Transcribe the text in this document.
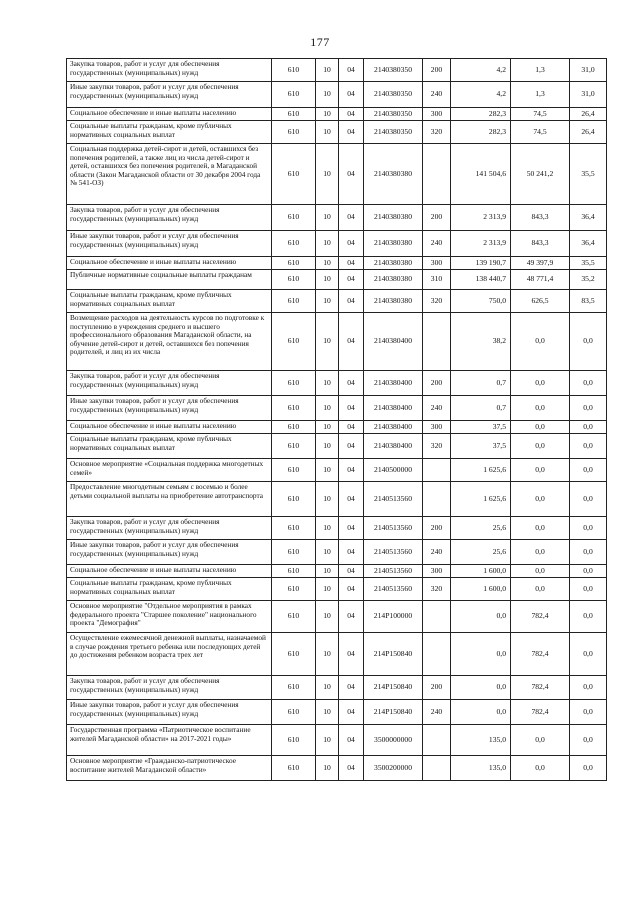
177
Закупка товаров, работ и услуг для обеспечения государственных (муниципальных) нужд	610	10	04	2140380350	200	4,2	1,3	31,0
Иные закупки товаров, работ и услуг для обеспечения государственных (муниципальных) нужд	610	10	04	2140380350	240	4,2	1,3	31,0
Социальное обеспечение и иные выплаты населению	610	10	04	2140380350	300	282,3	74,5	26,4
Социальные выплаты гражданам, кроме публичных нормативных социальных выплат	610	10	04	2140380350	320	282,3	74,5	26,4
Социальная поддержка детей-сирот и детей, оставшихся без попечения родителей, а также лиц из числа детей-сирот и детей, оставшихся без попечения родителей, в Магаданской области (Закон Магаданской области от 30 декабря 2004 года № 541-ОЗ)	610	10	04	2140380380		141 504,6	50 241,2	35,5
Закупка товаров, работ и услуг для обеспечения государственных (муниципальных) нужд	610	10	04	2140380380	200	2 313,9	843,3	36,4
Иные закупки товаров, работ и услуг для обеспечения государственных (муниципальных) нужд	610	10	04	2140380380	240	2 313,9	843,3	36,4
Социальное обеспечение и иные выплаты населению	610	10	04	2140380380	300	139 190,7	49 397,9	35,5
Публичные нормативные социальные выплаты гражданам	610	10	04	2140380380	310	138 440,7	48 771,4	35,2
Социальные выплаты гражданам, кроме публичных нормативных социальных выплат	610	10	04	2140380380	320	750,0	626,5	83,5
Возмещение расходов на деятельность курсов по подготовке к поступлению в учреждения среднего и высшего профессионального образования Магаданской области, на обучение детей-сирот и детей, оставшихся без попечения родителей, и лиц из их числа	610	10	04	2140380400		38,2	0,0	0,0
Закупка товаров, работ и услуг для обеспечения государственных (муниципальных) нужд	610	10	04	2140380400	200	0,7	0,0	0,0
Иные закупки товаров, работ и услуг для обеспечения государственных (муниципальных) нужд	610	10	04	2140380400	240	0,7	0,0	0,0
Социальное обеспечение и иные выплаты населению	610	10	04	2140380400	300	37,5	0,0	0,0
Социальные выплаты гражданам, кроме публичных нормативных социальных выплат	610	10	04	2140380400	320	37,5	0,0	0,0
Основное мероприятие «Социальная поддержка многодетных семей»	610	10	04	2140500000		1 625,6	0,0	0,0
Предоставление многодетным семьям с восемью и более детьми социальной выплаты на приобретение автотранспорта	610	10	04	2140513560		1 625,6	0,0	0,0
Закупка товаров, работ и услуг для обеспечения государственных (муниципальных) нужд	610	10	04	2140513560	200	25,6	0,0	0,0
Иные закупки товаров, работ и услуг для обеспечения государственных (муниципальных) нужд	610	10	04	2140513560	240	25,6	0,0	0,0
Социальное обеспечение и иные выплаты населению	610	10	04	2140513560	300	1 600,0	0,0	0,0
Социальные выплаты гражданам, кроме публичных нормативных социальных выплат	610	10	04	2140513560	320	1 600,0	0,0	0,0
Основное мероприятие "Отдельное мероприятия в рамках федерального проекта "Старшее поколение" национального проекта "Демография"	610	10	04	214P100000		0,0	782,4	0,0
Осуществление ежемесячной денежной выплаты, назначаемой в случае рождения третьего ребенка или последующих детей до достижения ребенком возраста трех лет	610	10	04	214P150840		0,0	782,4	0,0
Закупка товаров, работ и услуг для обеспечения государственных (муниципальных) нужд	610	10	04	214P150840	200	0,0	782,4	0,0
Иные закупки товаров, работ и услуг для обеспечения государственных (муниципальных) нужд	610	10	04	214P150840	240	0,0	782,4	0,0
Государственная программа «Патриотическое воспитание жителей Магаданской области» на 2017-2021 годы»	610	10	04	3500000000		135,0	0,0	0,0
Основное мероприятие «Гражданско-патриотическое воспитание жителей Магаданской области»	610	10	04	3500200000		135,0	0,0	0,0
